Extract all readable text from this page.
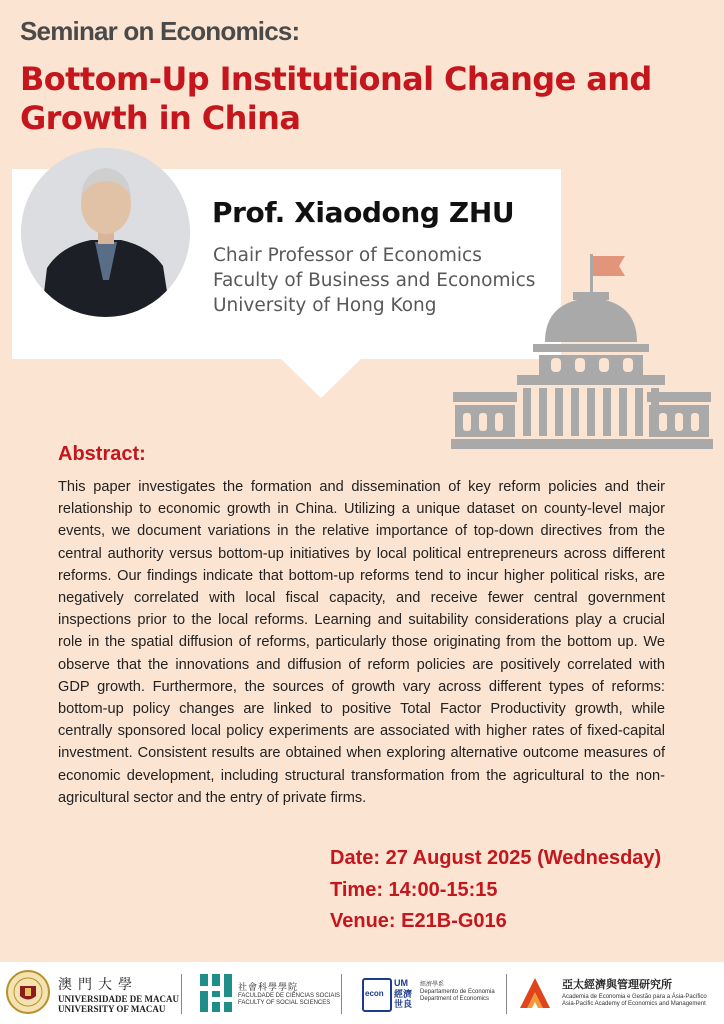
Seminar on Economics:
Bottom-Up Institutional Change and Growth in China
Prof. Xiaodong ZHU
Chair Professor of Economics
Faculty of Business and Economics
University of Hong Kong
Abstract:

This paper investigates the formation and dissemination of key reform policies and their relationship to economic growth in China. Utilizing a unique dataset on county-level major events, we document variations in the relative importance of top-down directives from the central authority versus bottom-up initiatives by local political entrepreneurs across different reforms. Our findings indicate that bottom-up reforms tend to incur higher political risks, are negatively correlated with local fiscal capacity, and receive fewer central government inspections prior to the local reforms. Learning and suitability considerations play a crucial role in the spatial diffusion of reforms, particularly those originating from the bottom up. We observe that the innovations and diffusion of reform policies are positively correlated with GDP growth. Furthermore, the sources of growth vary across different types of reforms: bottom-up policy changes are linked to positive Total Factor Productivity growth, while centrally sponsored local policy experiments are associated with higher rates of fixed-capital investment. Consistent results are obtained when exploring alternative outcome measures of economic development, including structural transformation from the agricultural to the non-agricultural sector and the entry of private firms.

Date: 27 August 2025 (Wednesday)
Time: 14:00-15:15
Venue: E21B-G016
澳門大學
UNIVERSIDADE DE MACAU
UNIVERSITY OF MACAU
社會科學學院
FACULDADE DE CIÊNCIAS SOCIAIS
FACULTY OF SOCIAL SCIENCES
econ
UM
經濟世良
經濟學系
Departamento de Economia
Department of Economics
亞太經濟與管理研究所
Academia de Economia e Gestão para a Ásia-Pacífico
Asia-Pacific Academy of Economics and Management
